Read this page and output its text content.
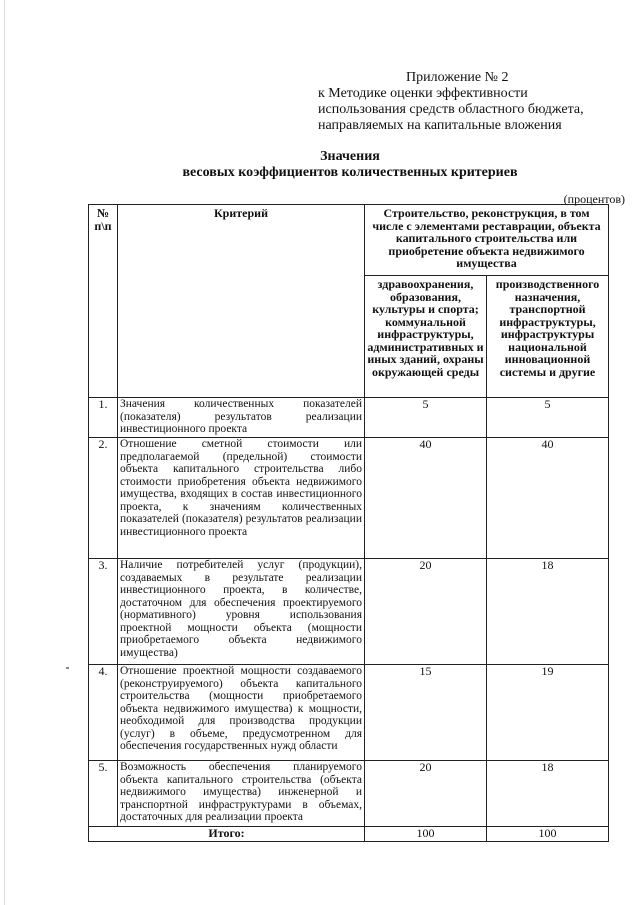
Приложение № 2
к Методике оценки эффективности
использования средств областного бюджета,
направляемых на капитальные вложения
Значения
весовых коэффициентов количественных критериев
(процентов)
№ п\п	Критерий	Строительство, реконструкция, в том числе с элементами реставрации, объекта капитального строительства или приобретение объекта недвижимого имущества	
		здравоохранения, образования, культуры и спорта; коммунальной инфраструктуры, административных и иных зданий, охраны окружающей среды	производственного назначения, транспортной инфраструктуры, инфраструктуры национальной инновационной системы и другие
1.	Значения количественных показателей (показателя) результатов реализации инвестиционного проекта	5	5
2.	Отношение сметной стоимости или предполагаемой (предельной) стоимости объекта капитального строительства либо стоимости приобретения объекта недвижимого имущества, входящих в состав инвестиционного проекта, к значениям количественных показателей (показателя) результатов реализации инвестиционного проекта	40	40
3.	Наличие потребителей услуг (продукции), создаваемых в результате реализации инвестиционного проекта, в количестве, достаточном для обеспечения проектируемого (нормативного) уровня использования проектной мощности объекта (мощности приобретаемого объекта недвижимого имущества)	20	18
4.	Отношение проектной мощности создаваемого (реконструируемого) объекта капитального строительства (мощности приобретаемого объекта недвижимого имущества) к мощности, необходимой для производства продукции (услуг) в объеме, предусмотренном для обеспечения государственных нужд области	15	19
5.	Возможность обеспечения планируемого объекта капитального строительства (объекта недвижимого имущества) инженерной и транспортной инфраструктурами в объемах, достаточных для реализации проекта	20	18
Итого:		100	100
